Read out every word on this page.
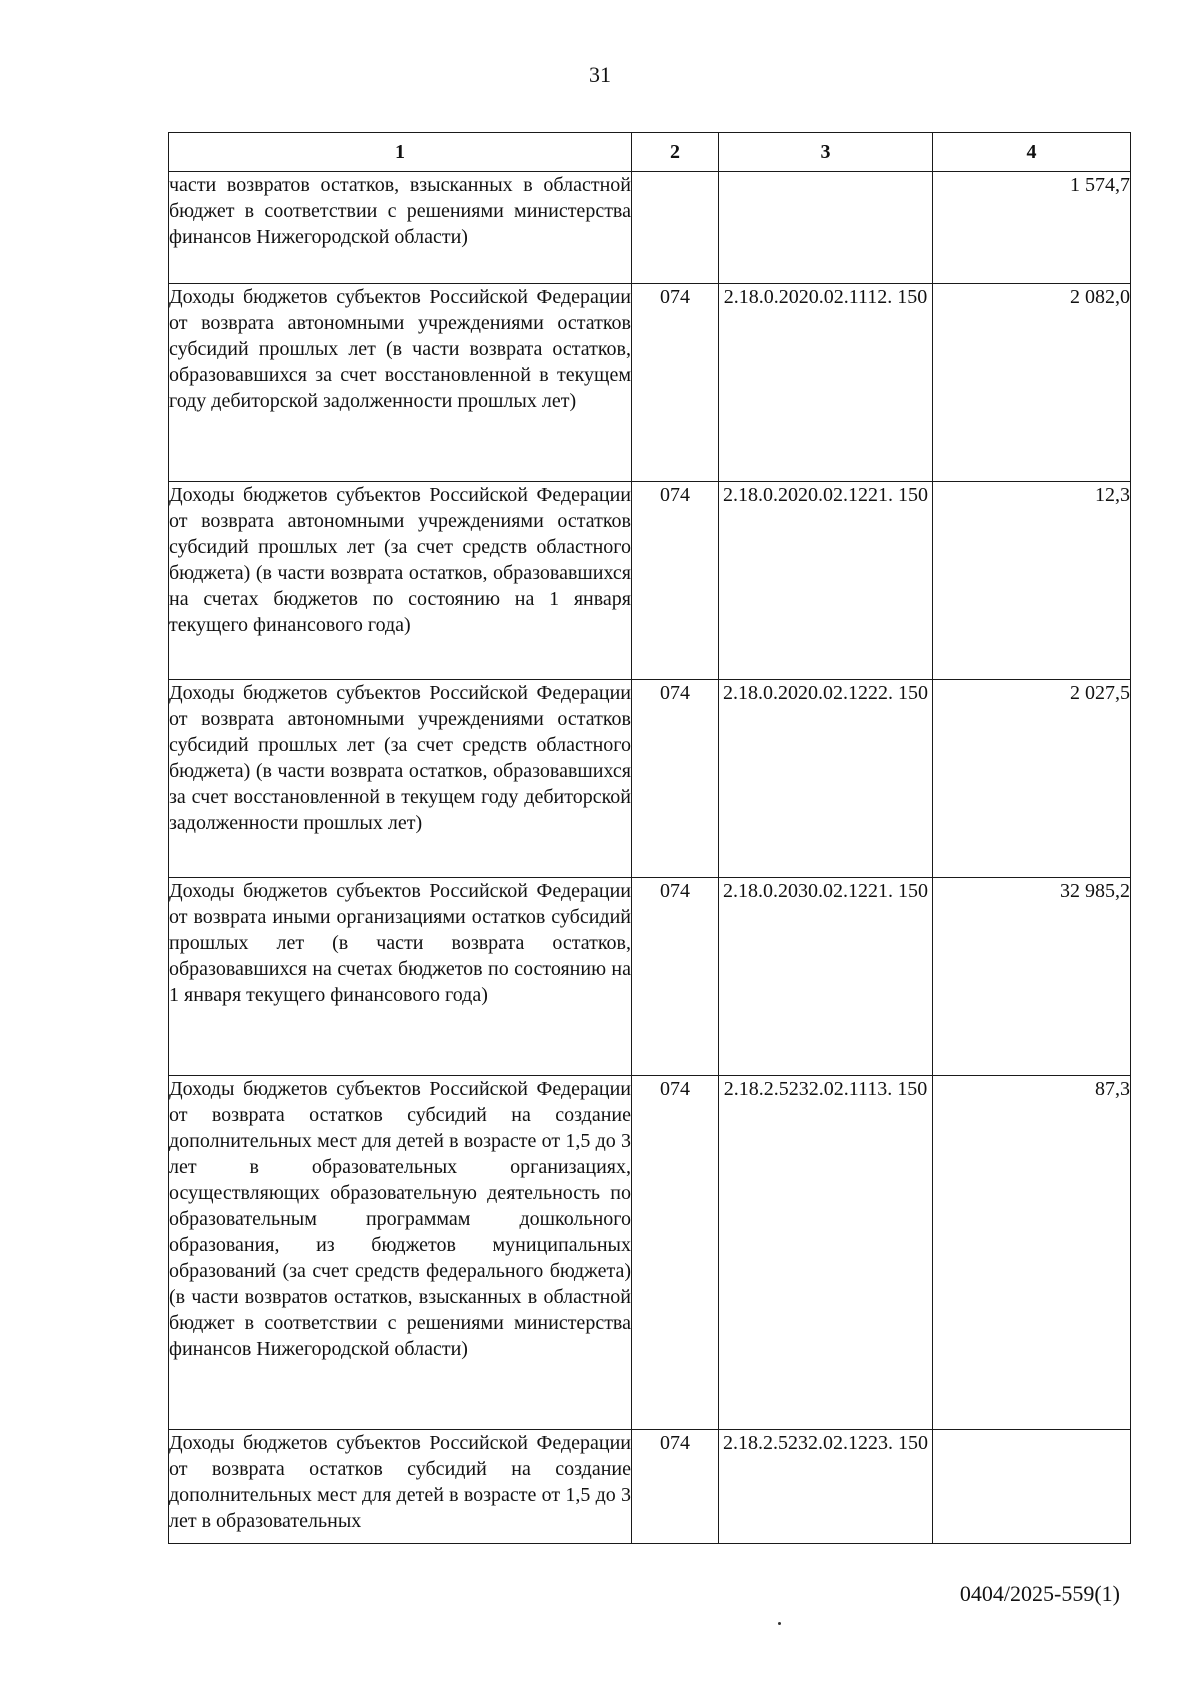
31
1	2	3	4
части возвратов остатков, взысканных в областной бюджет в соответствии с решениями министерства финансов Нижегородской области)			1 574,7
Доходы бюджетов субъектов Российской Федерации от возврата автономными учреждениями остатков субсидий прошлых лет (в части возврата остатков, образовавшихся за счет восстановленной в текущем году дебиторской задолженности прошлых лет)	074	2.18.0.2020.02.1112. 150	2 082,0
Доходы бюджетов субъектов Российской Федерации от возврата автономными учреждениями остатков субсидий прошлых лет (за счет средств областного бюджета) (в части возврата остатков, образовавшихся на счетах бюджетов по состоянию на 1 января текущего финансового года)	074	2.18.0.2020.02.1221. 150	12,3
Доходы бюджетов субъектов Российской Федерации от возврата автономными учреждениями остатков субсидий прошлых лет (за счет средств областного бюджета) (в части возврата остатков, образовавшихся за счет восстановленной в текущем году дебиторской задолженности прошлых лет)	074	2.18.0.2020.02.1222. 150	2 027,5
Доходы бюджетов субъектов Российской Федерации от возврата иными организациями остатков субсидий прошлых лет (в части возврата остатков, образовавшихся на счетах бюджетов по состоянию на 1 января текущего финансового года)	074	2.18.0.2030.02.1221. 150	32 985,2
Доходы бюджетов субъектов Российской Федерации от возврата остатков субсидий на создание дополнительных мест для детей в возрасте от 1,5 до 3 лет в образовательных организациях, осуществляющих образовательную деятельность по образовательным программам дошкольного образования, из бюджетов муниципальных образований (за счет средств федерального бюджета) (в части возвратов остатков, взысканных в областной бюджет в соответствии с решениями министерства финансов Нижегородской области)	074	2.18.2.5232.02.1113. 150	87,3
Доходы бюджетов субъектов Российской Федерации от возврата остатков субсидий на создание дополнительных мест для детей в возрасте от 1,5 до 3 лет в образовательных	074	2.18.2.5232.02.1223. 150	
0404/2025-559(1)
